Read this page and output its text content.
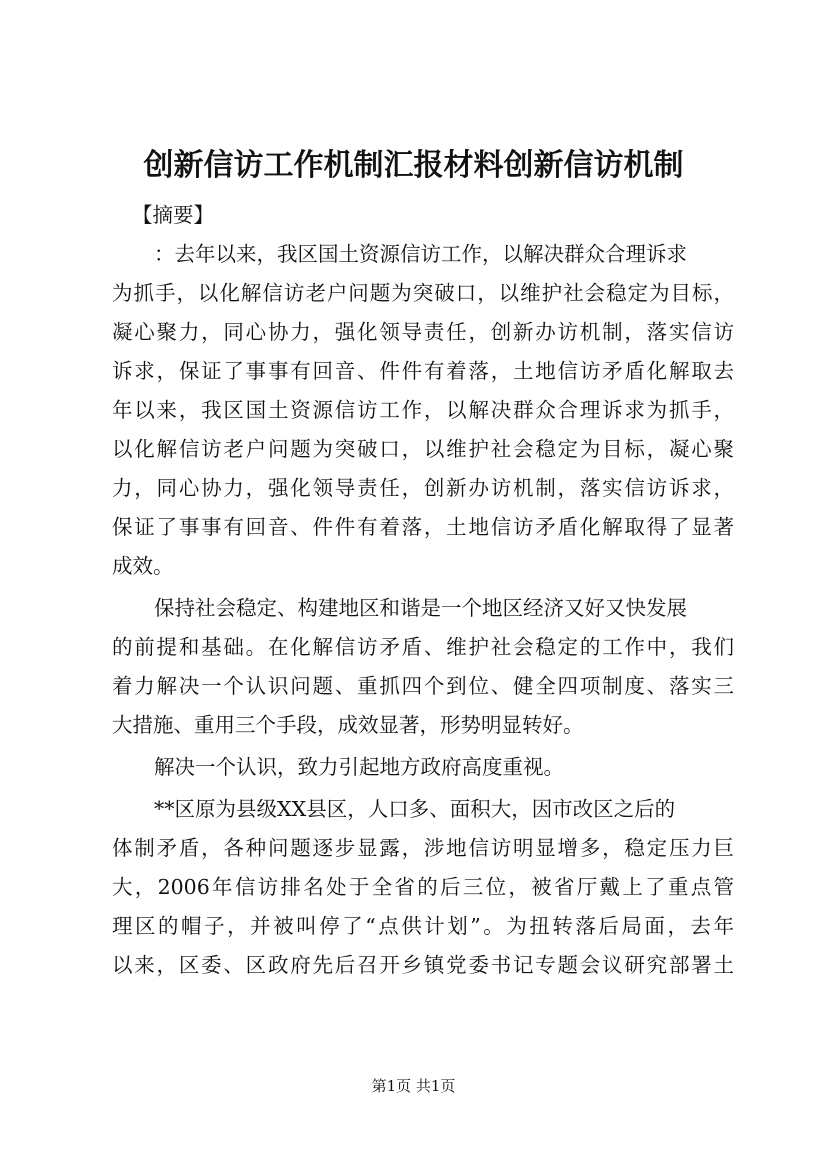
创新信访工作机制汇报材料创新信访机制
【摘要】
：去年以来，我区国土资源信访工作，以解决群众合理诉求
为抓手，以化解信访老户问题为突破口，以维护社会稳定为目标，
凝心聚力，同心协力，强化领导责任，创新办访机制，落实信访
诉求，保证了事事有回音、件件有着落，土地信访矛盾化解取去
年以来，我区国土资源信访工作，以解决群众合理诉求为抓手，
以化解信访老户问题为突破口，以维护社会稳定为目标，凝心聚
力，同心协力，强化领导责任，创新办访机制，落实信访诉求，
保证了事事有回音、件件有着落，土地信访矛盾化解取得了显著
成效。
保持社会稳定、构建地区和谐是一个地区经济又好又快发展
的前提和基础。在化解信访矛盾、维护社会稳定的工作中，我们
着力解决一个认识问题、重抓四个到位、健全四项制度、落实三
大措施、重用三个手段，成效显著，形势明显转好。
解决一个认识，致力引起地方政府高度重视。
**区原为县级XX县区，人口多、面积大，因市改区之后的
体制矛盾，各种问题逐步显露，涉地信访明显增多，稳定压力巨
大，2006年信访排名处于全省的后三位，被省厅戴上了重点管
理区的帽子，并被叫停了“点供计划”。为扭转落后局面，去年
以来，区委、区政府先后召开乡镇党委书记专题会议研究部署土
第1页 共1页
